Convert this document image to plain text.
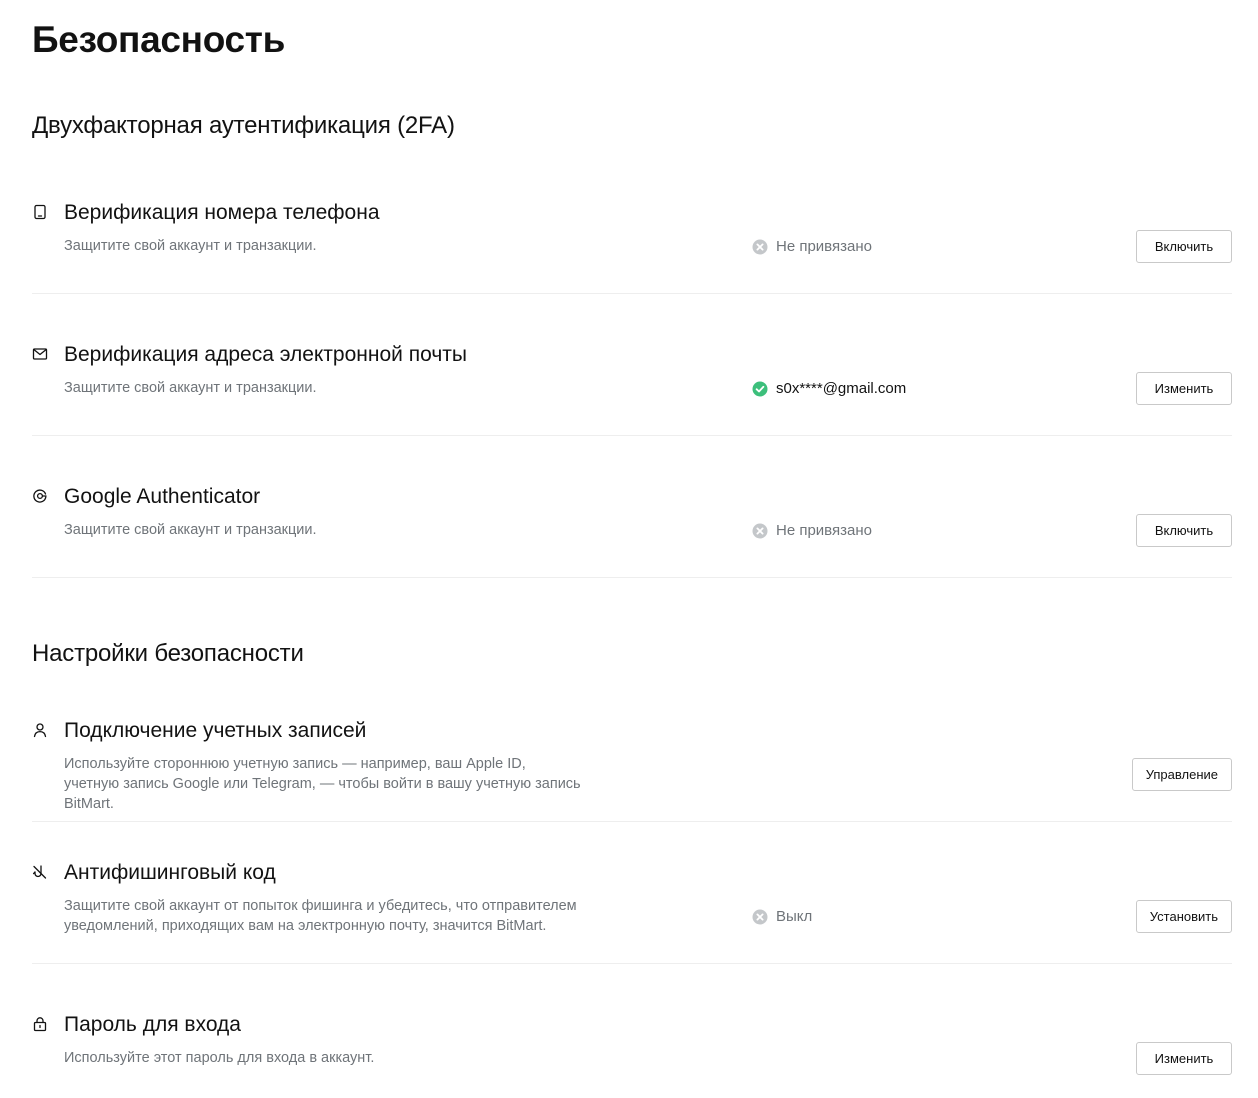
Безопасность
Двухфакторная аутентификация (2FA)
Верификация номера телефона
Защитите свой аккаунт и транзакции.	Не привязано	Включить
Верификация адреса электронной почты
Защитите свой аккаунт и транзакции.	s0x****@gmail.com	Изменить
Google Authenticator
Защитите свой аккаунт и транзакции.	Не привязано	Включить
Настройки безопасности
Подключение учетных записей
Используйте стороннюю учетную запись — например, ваш Apple ID, учетную запись Google или Telegram, — чтобы войти в вашу учетную запись BitMart.
Управление
Антифишинговый код
Защитите свой аккаунт от попыток фишинга и убедитесь, что отправителем уведомлений, приходящих вам на электронную почту, значится BitMart.
Выкл	Установить
Пароль для входа
Используйте этот пароль для входа в аккаунт.	Изменить
